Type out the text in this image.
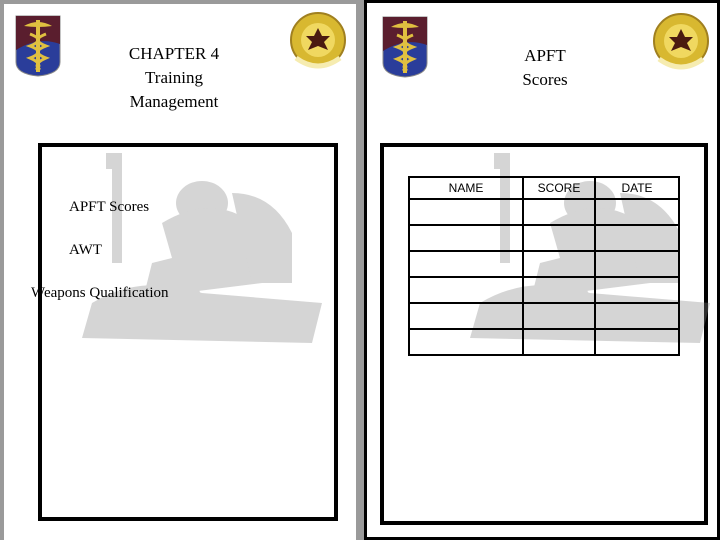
CHAPTER 4
Training
Management
APFT Scores
AWT
Weapons Qualification
APFT
Scores
NAME	SCORE	DATE
